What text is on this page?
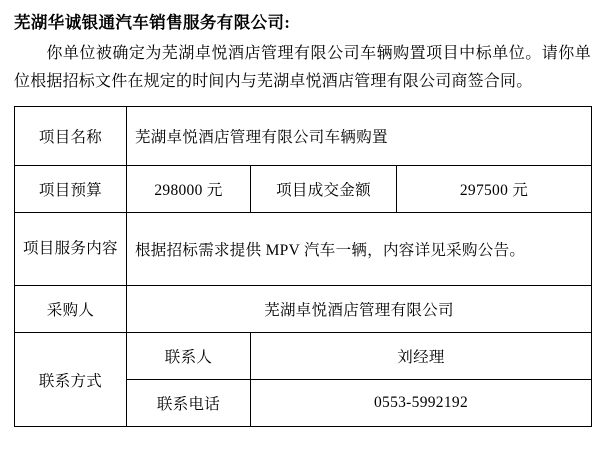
芜湖华诚银通汽车销售服务有限公司:

你单位被确定为芜湖卓悦酒店管理有限公司车辆购置项目中标单位。请你单位根据招标文件在规定的时间内与芜湖卓悦酒店管理有限公司商签合同。

项目名称	芜湖卓悦酒店管理有限公司车辆购置		
项目预算	298000 元	项目成交金额	297500 元
项目服务内容	根据招标需求提供 MPV 汽车一辆，内容详见采购公告。		
采购人	芜湖卓悦酒店管理有限公司		
联系方式	联系人	刘经理	
	联系电话	0553-5992192	
